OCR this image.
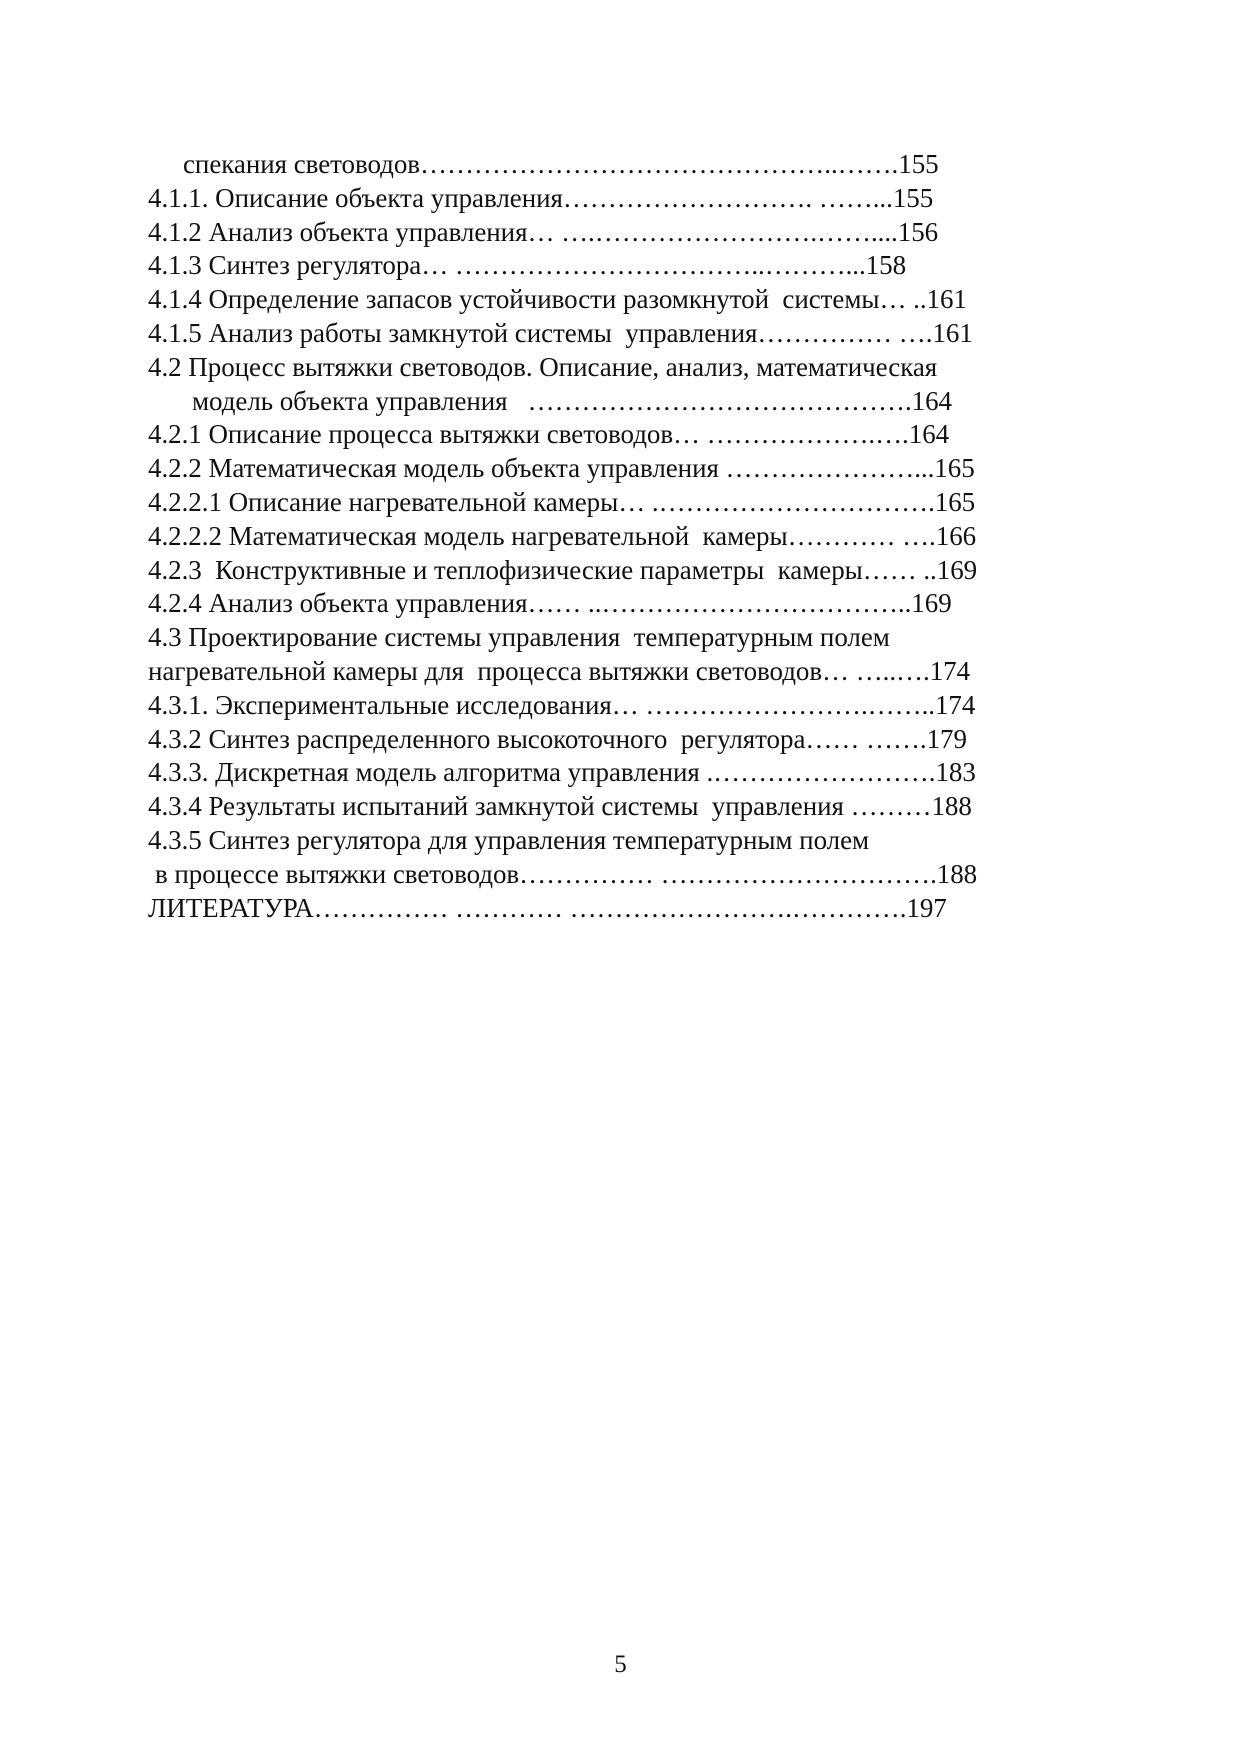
спекания световодов………………………………………..…….155
4.1.1. Описание объекта управления………………………. ……...155
4.1.2 Анализ объекта управления… ….…………………….……....156
4.1.3 Синтез регулятора… ……………………………..………...158
4.1.4 Определение запасов устойчивости разомкнутой  системы… ..161
4.1.5 Анализ работы замкнутой системы  управления…………… ….161
4.2 Процесс вытяжки световодов. Описание, анализ, математическая
модель объекта управления   …………………………………….164
4.2.1 Описание процесса вытяжки световодов… ……………….….164
4.2.2 Математическая модель объекта управления …………………...165
4.2.2.1 Описание нагревательной камеры… .………………………….165
4.2.2.2 Математическая модель нагревательной  камеры………… ….166
4.2.3  Конструктивные и теплофизические параметры  камеры…… ..169
4.2.4 Анализ объекта управления…… ..……………………………..169
4.3 Проектирование системы управления  температурным полем
нагревательной камеры для  процесса вытяжки световодов… …..….174
4.3.1. Экспериментальные исследования… …………………….……..174
4.3.2 Синтез распределенного высокоточного  регулятора…… …….179
4.3.3. Дискретная модель алгоритма управления .…………………….183
4.3.4 Результаты испытаний замкнутой системы  управления ………188
4.3.5 Синтез регулятора для управления температурным полем
в процессе вытяжки световодов…………… ………………………….188
ЛИТЕРАТУРА…………… ………… …………………….………….197
5
